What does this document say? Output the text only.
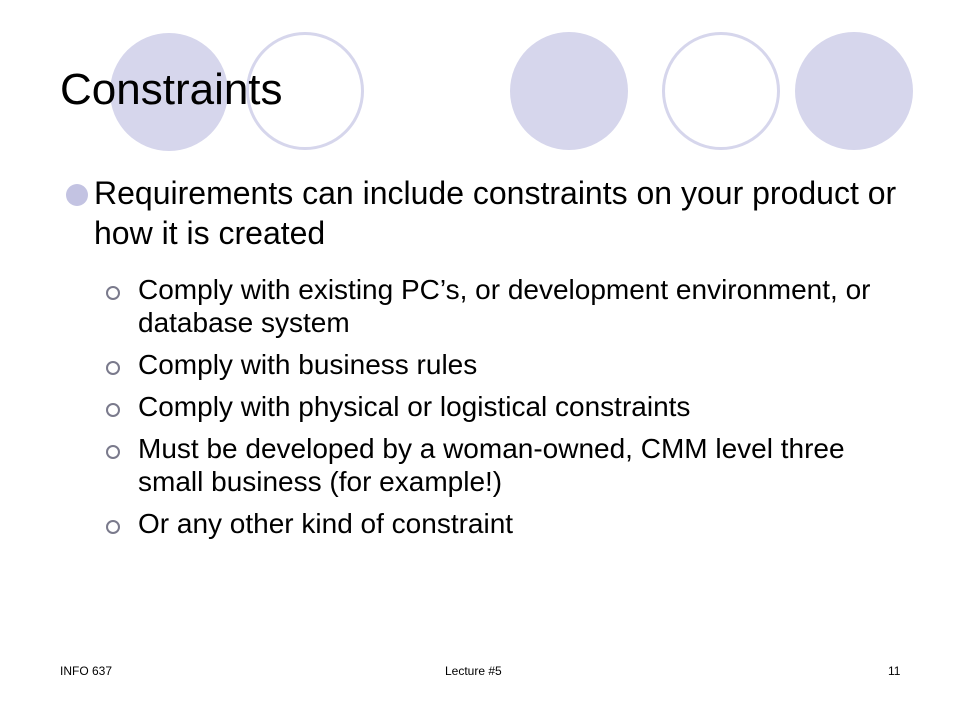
Constraints
Requirements can include constraints on your product or how it is created
Comply with existing PC’s, or development environment, or database system
Comply with business rules
Comply with physical or logistical constraints
Must be developed by a woman-owned, CMM level three small business (for example!)
Or any other kind of constraint
INFO 637	Lecture #5	11
